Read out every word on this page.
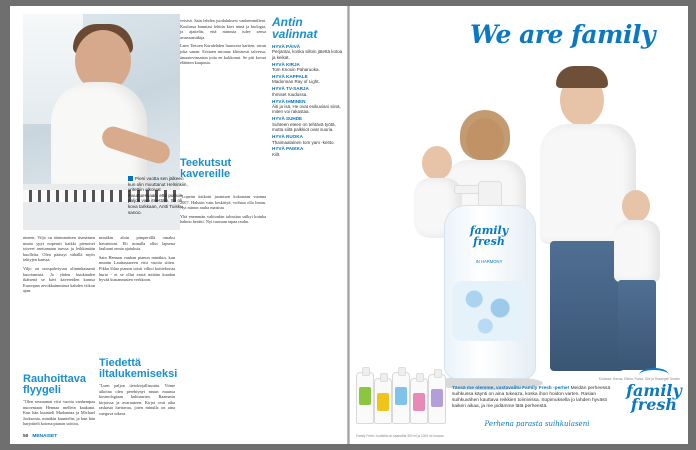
Pieni vuotta sen jälkeen kun olin muuttanut Helsinkiin, yritettiin alkoivat muuttuessaan, että puhuin paljon vain itsestäin. Se oli kova tarkkaan, Antti Tuisku sanoo.

nineen. Viljo on äärimmäisen itsenäinen mutta ypyt nopeasti kaikki pienoiset toiveet asettamaan tuessa ja leikkimään kuolleita. Olen päässyt vähällä myös tehtyjen kanssa.

Viljo on urospahvtyuut oliminkataanti kuoriamista. Jo yhden kuukauden ikäisenä se kävi kavereiden kanssa Euroopan arvokkaimmissa kahden viikon ajan.

minäkin aloin pimperöllä omaksi havaintoni. Eli minulla ollut lapsena lauluuni onnia ajatuksia.

Sain Hennan vanhan pianon minäkin, kun muutin Lauttasaareen viisi vuotta sitten. Pikku lölua pianon soisti vilkoi kotitekoista hurta - ei se ollut ensiä mitään kuudan hyvää kustannusten verkkoon.

veisisä. Sain lehden juodaluksest vanhemmilleni. Koulussa kunniasi lehtiin kävi minä ja biologia, ja ajattelin, että minusta tulee sensa avaruustutkija.

Laen Tietoen Kuralehden laurooria kartten, aivan joka sanan. Erittaen miouaa kliinisesti talvessa, ämaatovinsaisin joita en kokkonut. Se piti kovaa eläinten kaupasta.

Teekutsut kavereille

"Lopetin kaikoin juomisen kokonaan vuonna 2007. Halusin vain keskittyä, voihtaa olla liman. Nyt minun rauha maistuu

Yhä enemmän valtionkin talouttaa sulkyi kuinka hahmo herätti. Nyt tuuvaan tapaa rauha.

Rauhoittava flyygeli
"Olen seuraamat viisi vuotta vanhempaa nuorentaan Hennaa mellein kaukana. Kun hän kuunteli Madonnaa ja Michael Jacksonia, minäkin kuuntelin, ja kun hän harjoitteli kotona pianon soittoa,
Tiedettä iltalukemiseksi
"Luen paljon tietokirjallisuutta. Viime aikoina olen perehtynyt muun muassa kosmologiaan kulttuurien. Raamattu kirjoissa ja avaruuteen. Kirjat ovat aika raskasta luettavaa, joten minulla on aina vaeguva nikeat.
Antin valinnat
HYVÄ PÄIVÄ
Perjantai, koska silloin jätettä kotoa ja keikat.
HYVÄ KIRJA
Tom Knoxin Paharuoka.
HYVÄ KAPPALE
Madonnan Ray of Light.
HYVÄ TV-SARJA
Ihmiset ruudussa.
HYVÄ IHMINEN
Äiti ja isä. He ovat esikuviani siinä, miten voi rakastaa.
HYVÄ SUHDE
Suhteen eteen on tehtävä työtä, mutta siitä palkkiot ovat suuria.
HYVÄ RUOKA
Thaimaalainen tom yam -keitto.
HYVÄ PAIKKA
Kiilt.
50 MENAISET
We are family
family fresh
IN HARMONY
Kuvassa: Hanna, Ellinta, Rurka, Olle ja Rosangeli Teanko
Tässä me olemme, vastavalitu Family Fresh -perhe! Meidän perheessä suihkussa käynti on aina tukeaza, koska ihon hoidon varten. Rasian suihkuvähen kauttava reikkien toimivissa. Sopimuksella jo lahden hyvästi kaiken aikaa, ja me pidämme tätä perheestä.
family fresh
Perhena parasta suihkulaseni
Family Fresh -tuotteita on saatavilla 300 ml ja 1000 ml koossa.
